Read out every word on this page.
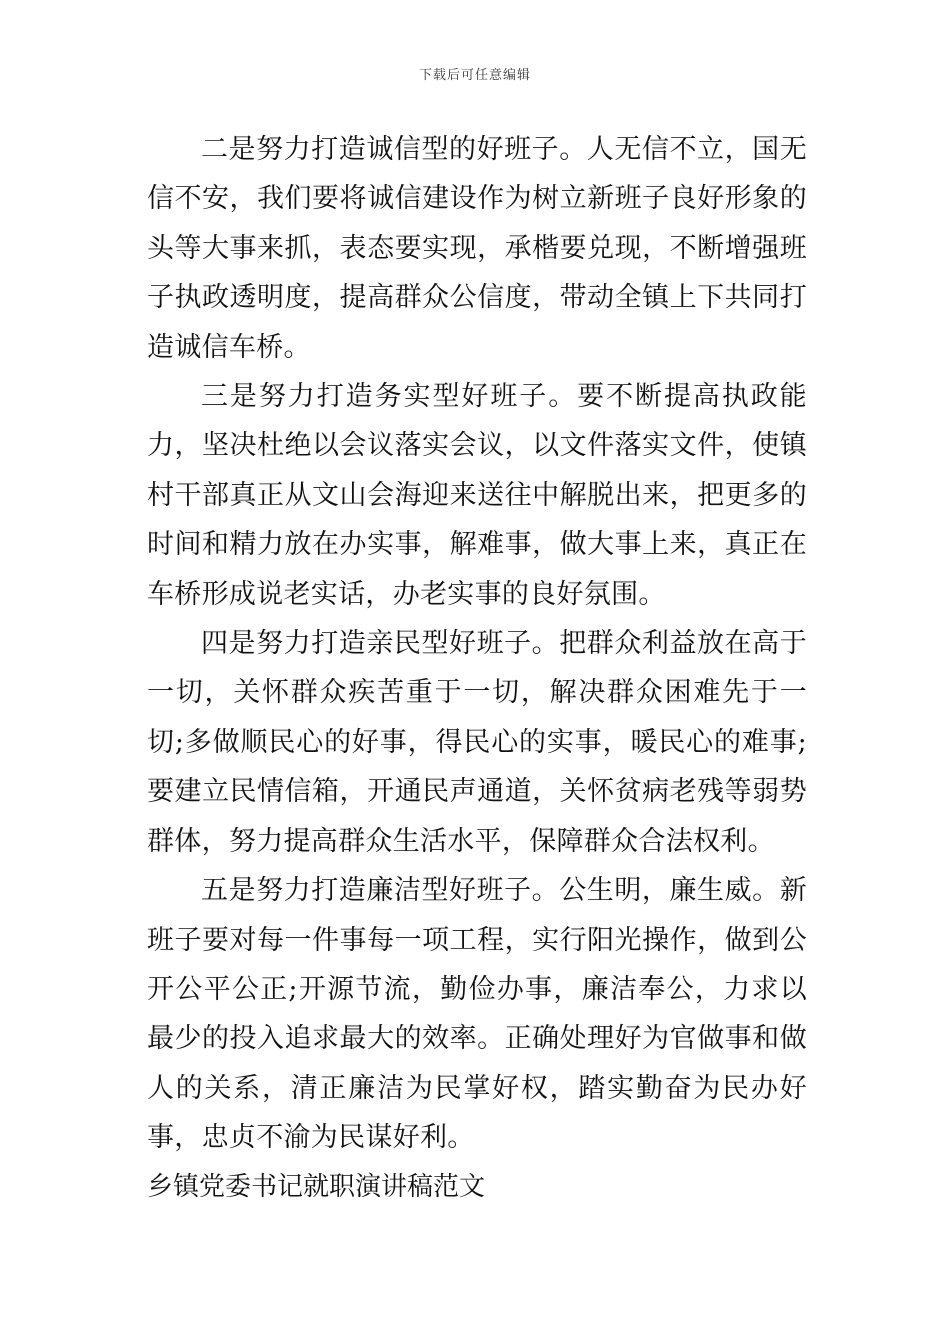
下载后可任意编辑

二是努力打造诚信型的好班子。人无信不立，国无信不安，我们要将诚信建设作为树立新班子良好形象的头等大事来抓，表态要实现，承楷要兑现，不断增强班子执政透明度，提高群众公信度，带动全镇上下共同打造诚信车桥。

三是努力打造务实型好班子。要不断提高执政能力，坚决杜绝以会议落实会议，以文件落实文件，使镇村干部真正从文山会海迎来送往中解脱出来，把更多的时间和精力放在办实事，解难事，做大事上来，真正在车桥形成说老实话，办老实事的良好氛围。

四是努力打造亲民型好班子。把群众利益放在高于一切，关怀群众疾苦重于一切，解决群众困难先于一切;多做顺民心的好事，得民心的实事，暖民心的难事;要建立民情信箱，开通民声通道，关怀贫病老残等弱势群体，努力提高群众生活水平，保障群众合法权利。

五是努力打造廉洁型好班子。公生明，廉生威。新班子要对每一件事每一项工程，实行阳光操作，做到公开公平公正;开源节流，勤俭办事，廉洁奉公，力求以最少的投入追求最大的效率。正确处理好为官做事和做人的关系，清正廉洁为民掌好权，踏实勤奋为民办好事，忠贞不渝为民谋好利。

乡镇党委书记就职演讲稿范文
